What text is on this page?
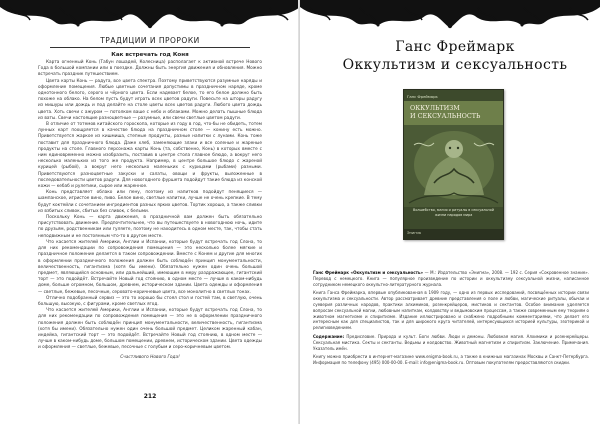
ТРАДИЦИИ И ПРОРОКИ
Как встречать год Коня

Карта огненный Конь (Табун лошадей, Колесница) располагает к активной встрече Нового Года в большой компании или в поездке. Должны быть энергия движения и обновления. Можно встречать праздник путешествием.

Цвета карты Конь — радуга, все цвета спектра. Поэтому приветствуются разумные наряды и оформление помещения. Любые цветные сочетания допустимы в праздничном наряде, кроме однотонного белого, серого и чёрного цвета. Если надевает белое, то его белое должно быть похоже на облако. На белом пусть будут играть всех цветов радуги. Повесьте на шторы радугу из мишуры или дождь и под делайте на столе цветы всех цветов радуги. Любого цвета дождь цвета. Хоть свечи с ажуром — потолком ваше с небо и облаками. Можно делать пышные блюда из ваты. Свечи настоящие разноцветные — разумные, или свечи светлые цветом радуги.

В отличие от тотемов китайского гороскопа, которые из году в год, что-бы не обидеть, тотем лунных карт поощряется в качестве блюда на праздничном столе — конину есть можно. Приветствуется жаркое из кишмиша, степные продукты, разные напитки с лунами. Конь тоже поставит для праздничного блюда. Даже хлеб, заменяющие злаки и все соленые и жареные продукты на столе. Главного персонажа карты Конь (та, собственно, Конь) в которых вместе с ним единовременно можно изобразить, поставив в центре стола главное блюдо, а вокруг него несколько маленьких из того же продукта. Например, в центре большое блюдо с жареной курицей (рыбой), а вокруг него несколько маленьких с курицами (рыбами) разными. Приветствуются разноцветные закуски и салаты, овощи и фрукты, выложенные в последовательности цветов радуги. Для новогоднего фуршета подойдут такие блюда из конской кожи — кебаб и рулетики, сырое или жаренное.

Конь представляет облако или пену, поэтому из напитков подойдут пенящиеся — шампанское, игристое вино, пиво. Белое вино, светлые напитки, лучше не очень крепкие. В тему будут коктейли с сочетанием ингредиентов разных ярких цветов. Тортик хорошо, а также сливки из взбитых сливок, сбитых без сливок, с белыми.

Поскольку Конь — карта движения, в праздничной вам должен быть обязательно присутствовать движение. Предпочтительнее, что вы путешествуете в новогоднюю ночь, идите по друзьям, родственникам или гуляете, поэтому не находитесь в одном месте, так, чтобы стать неподвижным и не постоянным что-то в другом месте.

Что касается жителей Америки, Англии и Испании, которые будут встречать год Слона, то для них рекомендации по сопровождения помещения — это несколько более мягкие и праздничное положение делается в таком сопровождении. Вместе с Конем и другие для многих в оформлении праздничного положения должен быть соблюдён принцип монументальности, величественность, гигантизма (хотя бы имени). Обязательно нужен один очень большой предмет, являющийся основным, или дальнейший, имеющим в меру раздражающее, гигантский торт — это подойдёт. Встречайте Новый год стоянию, в одном месте — лучше в каком-нибудь доме, больше огромном, большом, древнем, историческом здании. Цвета одежды и оформления — светлые, бежевые, песочные, серовато-коричневые цвета, все монолитно в светлых тонах.

Отлично подобранный сервиз — это то хорошо бы стоял стол и гостей там, в светлую, очень большую, высокую, с фигурами, кроме светлых ягод.

Что касается жителей Америки, Англии и Испании, которые будут встречать год Слона, то для них рекомендации по сопровождения помещения — это не в оформлении праздничного положения должен быть соблюдён принцип монументальности, величественность, гигантизма (хотя бы имени). Обязательно нужен один очень большой предмет. Целиком жаренный кабан, индейка, гигантский торт — это подойдёт. Встречайте Новый год стоянию, в одном месте — лучше в каком-нибудь доме, большом помещении, древнем, историческом здании. Цвета одежды и оформления — светлые, бежевые, песочные с голубым и серо-коричневым цветом.

Счастливого Нового Года!
212
Ганс Фреймарк
Оккультизм и сексуальность
Ганс Фреймарк
ОККУЛЬТИЗМ
И СЕКСУАЛЬНОСТЬ
Волшебство, магия и ритуалы в сексуальной жизни народов мира
Энигма

Ганс Фреймарк «Оккультизм и сексуальность» — М.: Издательство «Энигма», 2008. — 192 с. Серия «Сокровенное знание». Перевод с немецкого. Книга — популярное произведение по истории и оккультизму сексуальной жизни, написанное сотрудником немецкого оккультно-литературного журнала.

Книга Ганса Фреймарка, впервые опубликованная в 1909 году, — одно из первых исследований, посвящённых истории связи оккультизма и сексуальности. Автор рассматривает древние представления о поле и любви, магические ритуалы, обычаи и суеверия различных народов, практики алхимиков, розенкрейцеров, мистиков и сектантов. Особое внимание уделяется вопросам сексуальной магии, любовным напиткам, колдовству и ведьмовским процессам, а также современным ему теориям о животном магнетизме и спиритизме. Издание иллюстрировано и снабжено подробными комментариями, что делает его интересным как для специалистов, так и для широкого круга читателей, интересующихся историей культуры, эзотерикой и религиоведением.

Содержание: Предисловие. Природа и культ. Боги любви. Люди и демоны. Любовная магия. Алхимики и розенкрейцеры. Сексуальная мистика. Секты и сектанты. Ведьмы и колдовство. Животный магнетизм и спиритизм. Заключение. Примечания. Указатель имён.

Книгу можно приобрести в интернет-магазине www.enigma-book.ru, а также в книжных магазинах Москвы и Санкт-Петербурга. Информация по телефону (495) 000-00-00. E-mail: info@enigma-book.ru. Оптовым покупателям предоставляются скидки.
